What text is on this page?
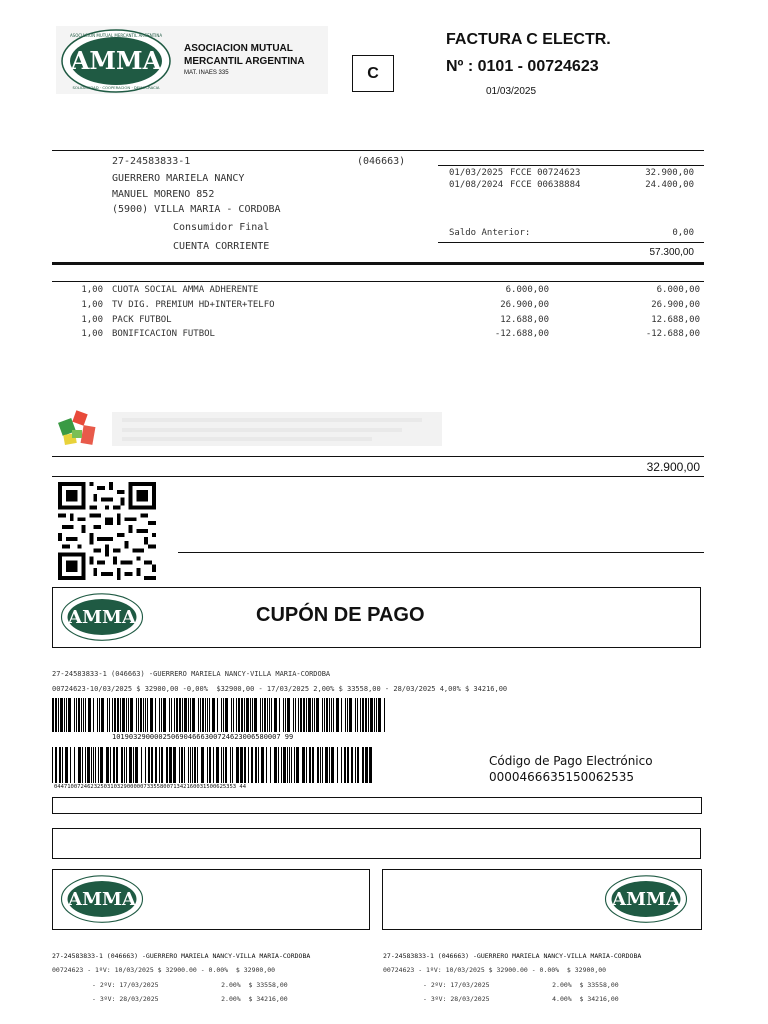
AMMA
ASOCIACION MUTUAL MERCANTIL ARGENTINA
SOLIDARIDAD · COOPERACION · DEMOCRACIA
ASOCIACION MUTUAL
MERCANTIL ARGENTINA
MAT. INAES 335	C
FACTURA C ELECTR.
Nº : 0101 - 00724623
01/03/2025
27-24583833-1	(046663)
GUERRERO MARIELA NANCY
MANUEL MORENO 852
(5900) VILLA MARIA - CORDOBA
Consumidor Final
CUENTA CORRIENTE
01/03/2025 FCCE 00724623	32.900,00
01/08/2024 FCCE 00638884	24.400,00
Saldo Anterior:	0,00
57.300,00
1,00 CUOTA SOCIAL AMMA ADHERENTE	6.000,00	6.000,00
1,00 TV DIG. PREMIUM HD+INTER+TELFO	26.900,00	26.900,00
1,00 PACK FUTBOL	12.688,00	12.688,00
1,00 BONIFICACION FUTBOL	-12.688,00	-12.688,00
32.900,00
AMMA	CUPÓN DE PAGO
27-24583833-1 (046663) -GUERRERO MARIELA NANCY-VILLA MARIA-CORDOBA
00724623-10/03/2025 $ 32900,00 -0,00%  $32900,00 - 17/03/2025 2,00% $ 33558,00 - 28/03/2025 4,00% $ 34216,00
1019032900002506904666300724623006580007 99
0447100724623250310329000007335580071342160031500625353 44
Código de Pago Electrónico
0000466635150062535
AMMA	AMMA
27-24583833-1 (046663) -GUERRERO MARIELA NANCY-VILLA MARIA-CORDOBA
00724623 - 1ºV: 10/03/2025 $ 32900.00 - 0.00%  $ 32900,00
- 2ºV: 17/03/2025                2.00%  $ 33558,00
- 3ºV: 28/03/2025                2.00%  $ 34216,00
27-24583833-1 (046663) -GUERRERO MARIELA NANCY-VILLA MARIA-CORDOBA
00724623 - 1ºV: 10/03/2025 $ 32900.00 - 0.00%  $ 32900,00
- 2ºV: 17/03/2025                2.00%  $ 33558,00
- 3ºV: 28/03/2025                4.00%  $ 34216,00
